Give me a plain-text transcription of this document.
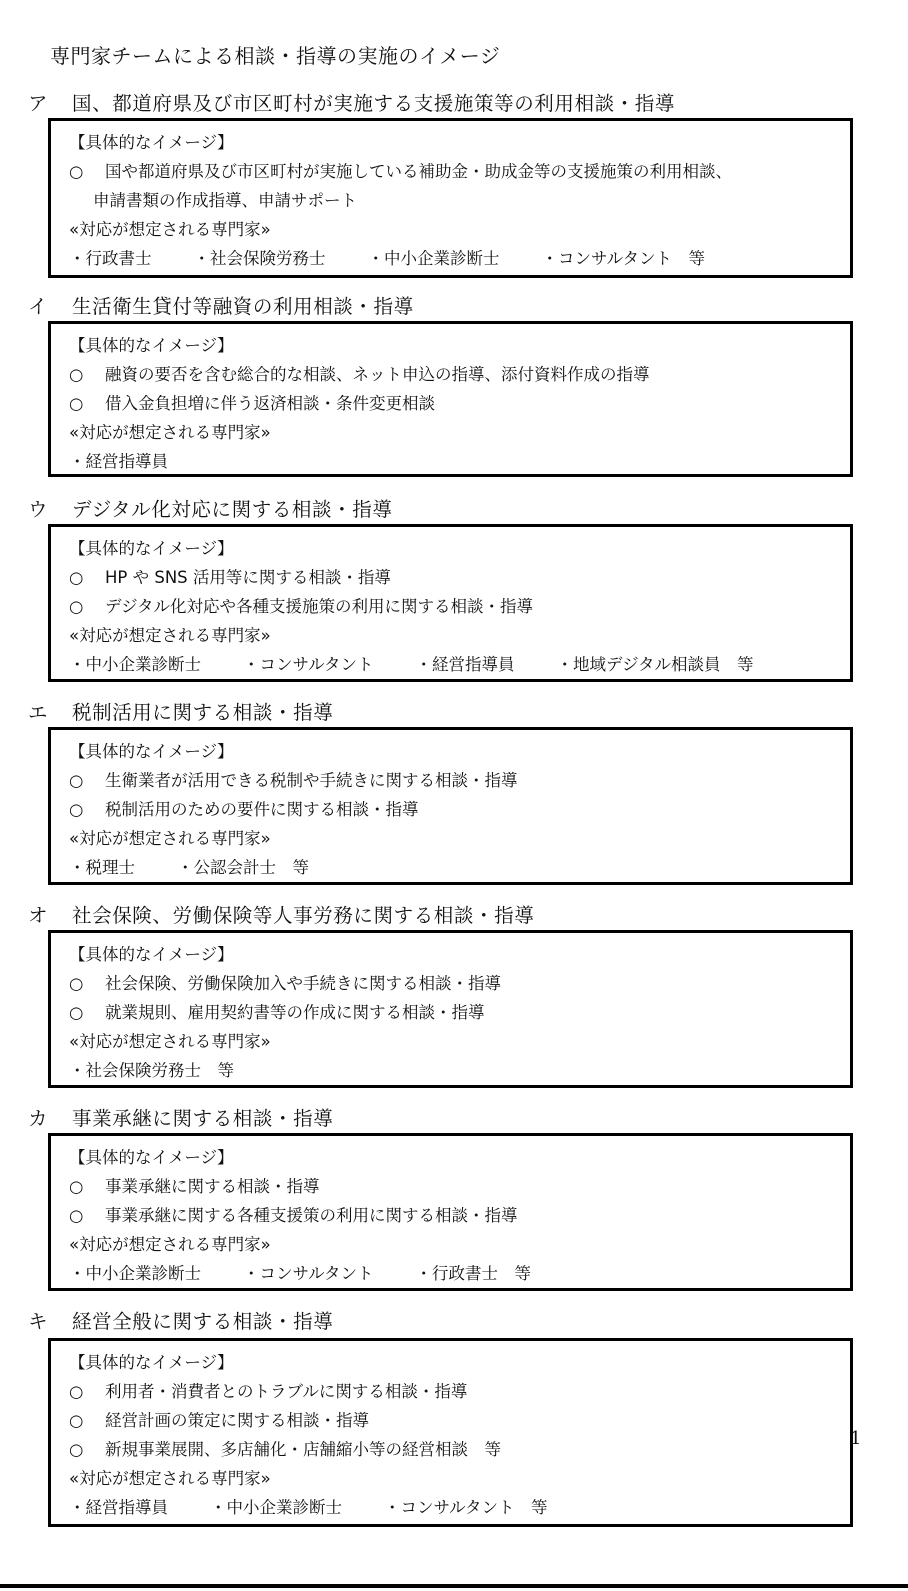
専門家チームによる相談・指導の実施のイメージ
ア 国、都道府県及び市区町村が実施する支援施策等の利用相談・指導
【具体的なイメージ】
○ 国や都道府県及び市区町村が実施している補助金・助成金等の支援施策の利用相談、
申請書類の作成指導、申請サポート
«対応が想定される専門家»
・行政書士	・社会保険労務士	・中小企業診断士	・コンサルタント　等
イ 生活衛生貸付等融資の利用相談・指導
【具体的なイメージ】
○ 融資の要否を含む総合的な相談、ネット申込の指導、添付資料作成の指導
○ 借入金負担増に伴う返済相談・条件変更相談
«対応が想定される専門家»
・経営指導員
ウ デジタル化対応に関する相談・指導
【具体的なイメージ】
○ HP や SNS 活用等に関する相談・指導
○ デジタル化対応や各種支援施策の利用に関する相談・指導
«対応が想定される専門家»
・中小企業診断士	・コンサルタント	・経営指導員	・地域デジタル相談員　等
エ 税制活用に関する相談・指導
【具体的なイメージ】
○ 生衛業者が活用できる税制や手続きに関する相談・指導
○ 税制活用のための要件に関する相談・指導
«対応が想定される専門家»
・税理士	・公認会計士　等
オ 社会保険、労働保険等人事労務に関する相談・指導
【具体的なイメージ】
○ 社会保険、労働保険加入や手続きに関する相談・指導
○ 就業規則、雇用契約書等の作成に関する相談・指導
«対応が想定される専門家»
・社会保険労務士　等
カ 事業承継に関する相談・指導
【具体的なイメージ】
○ 事業承継に関する相談・指導
○ 事業承継に関する各種支援策の利用に関する相談・指導
«対応が想定される専門家»
・中小企業診断士	・コンサルタント	・行政書士　等
キ 経営全般に関する相談・指導
【具体的なイメージ】
○ 利用者・消費者とのトラブルに関する相談・指導
○ 経営計画の策定に関する相談・指導
○ 新規事業展開、多店舗化・店舗縮小等の経営相談　等
«対応が想定される専門家»
・経営指導員	・中小企業診断士	・コンサルタント　等
1
